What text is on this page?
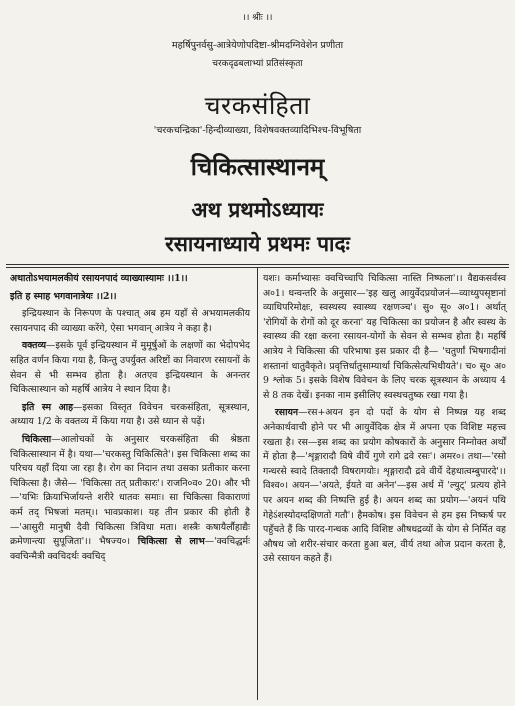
।। श्रीः ।।
महर्षिपुनर्वसु-आत्रेयेणोपदिष्टा-श्रीमदग्निवेशेन प्रणीता
चरकदृढबलाभ्यां प्रतिसंस्कृता
चरकसंहिता
'चरकचन्द्रिका'-हिन्दीव्याख्या, विशेषवक्तव्यादिभिश्च-विभूषिता
चिकित्सास्थानम्
अथ प्रथमोऽध्यायः
रसायनाध्याये प्रथमः पादः

अथातोऽभयामलकीयं रसायनपादं व्याख्यास्यामः ।।1।।

इति ह स्माह भगवानात्रेयः ।।2।।

इन्द्रियस्थान के निरूपण के पश्चात् अब हम यहाँ से अभयामलकीय रसायनपाद की व्याख्या करेंगे, ऐसा भगवान् आत्रेय ने कहा है।

वक्तव्य—इसके पूर्व इन्द्रियस्थान में मुमूर्षुओं के लक्षणों का भेदोपभेद सहित वर्णन किया गया है, किन्तु उपर्युक्त अरिष्टों का निवारण रसायनों के सेवन से भी सम्भव होता है। अतएव इन्द्रियस्थान के अनन्तर चिकित्सास्थान को महर्षि आत्रेय ने स्थान दिया है।

इति स्म आह—इसका विस्तृत विवेचन चरकसंहिता, सूत्रस्थान, अध्याय 1/2 के वक्तव्य में किया गया है। उसे ध्यान से पढ़ें।

चिकित्सा—आलोचकों के अनुसार चरकसंहिता की श्रेष्ठता चिकित्सास्थान में है। यथा—'चरकस्तु चिकित्सिते'। इस चिकित्सा शब्द का परिचय यहाँ दिया जा रहा है। रोग का निदान तथा उसका प्रतीकार करना चिकित्सा है। जैसे— 'चिकित्सा तत् प्रतीकारः'। राजनि०व० 20। और भी—'यभिः क्रियाभिर्जायन्ते शरीरे धातवः समाः। सा चिकित्सा विकाराणां कर्म तद् भिषजां मतम्।। भावप्रकाश। यह तीन प्रकार की होती है—'आसुरी मानुषी दैवी चिकित्सा त्रिविधा मता। शस्त्रैः कषायैर्लौहाद्यैः क्रमेणान्त्या सुपूजिता'।। भैषज्य०। चिकित्सा से लाभ—'क्वचिद्धर्मः क्वचिन्मैत्री क्वचिदर्थः क्वचिद्

यशः। कर्माभ्यासः क्वचिच्चापि चिकित्सा नास्ति निष्फला'।। वैद्यकसर्वस्व अ०1। धन्वन्तरि के अनुसार—'इह खलु आयुर्वेदप्रयोजनं—व्याध्युपसृष्टानां व्याधिपरिमोक्षः, स्वस्थस्य स्वास्थ्य रक्षणञ्च'। सु० सू० अ०1। अर्थात् 'रोगियों के रोगों को दूर करना' यह चिकित्सा का प्रयोजन है और स्वस्थ के स्वास्थ्य की रक्षा करना रसायन-योगों के सेवन से सम्भव होता है। महर्षि आत्रेय ने चिकित्सा की परिभाषा इस प्रकार दी है— 'चतुर्णां भिषगादीनां शस्तानां धातुवैकृते। प्रवृत्तिर्धातुसाम्यार्था चिकित्सेत्यभिधीयते'। च० सू० अ० 9 श्लोक 5। इसके विशेष विवेचन के लिए चरक सूत्रस्थान के अध्याय 4 से 8 तक देखें। इनका नाम इसीलिए स्वस्थचतुष्क रखा गया है।

रसायन—रस+अयन इन दो पदों के योग से निष्पन्न यह शब्द अनेकार्थवाची होने पर भी आयुर्वेदिक क्षेत्र में अपना एक विशिष्ट महत्त्व रखता है। रस—इस शब्द का प्रयोग कोषकारों के अनुसार निम्नोक्त अर्थों में होता है—'शृङ्गारादौ विषे वीर्ये गुणे रागे द्रवे रसः'। अमर०। तथा—'रसो गन्धरसे स्वादे तिक्तादौ विषरागयोः। शृङ्गारादौ द्रवे वीर्ये देहधात्वम्बुपारदे'।। विश्व०। अयन—'अयते, ईयते वा अनेन'—इस अर्थ में 'ल्युट्' प्रत्यय होने पर अयन शब्द की निष्पत्ति हुई है। अयन शब्द का प्रयोग—'अयनं पथि गेहेऽ‍ंशस्योदग्दक्षिणतो गतौ'। हैमकोष। इस विवेचन से हम इस निष्कर्ष पर पहुँचते हैं कि पारद-गन्धक आदि विशिष्ट औषधद्रव्यों के योग से निर्मित वह औषध जो शरीर-संचार करता हुआ बल, वीर्य तथा ओज प्रदान करता है, उसे रसायन कहते हैं।
